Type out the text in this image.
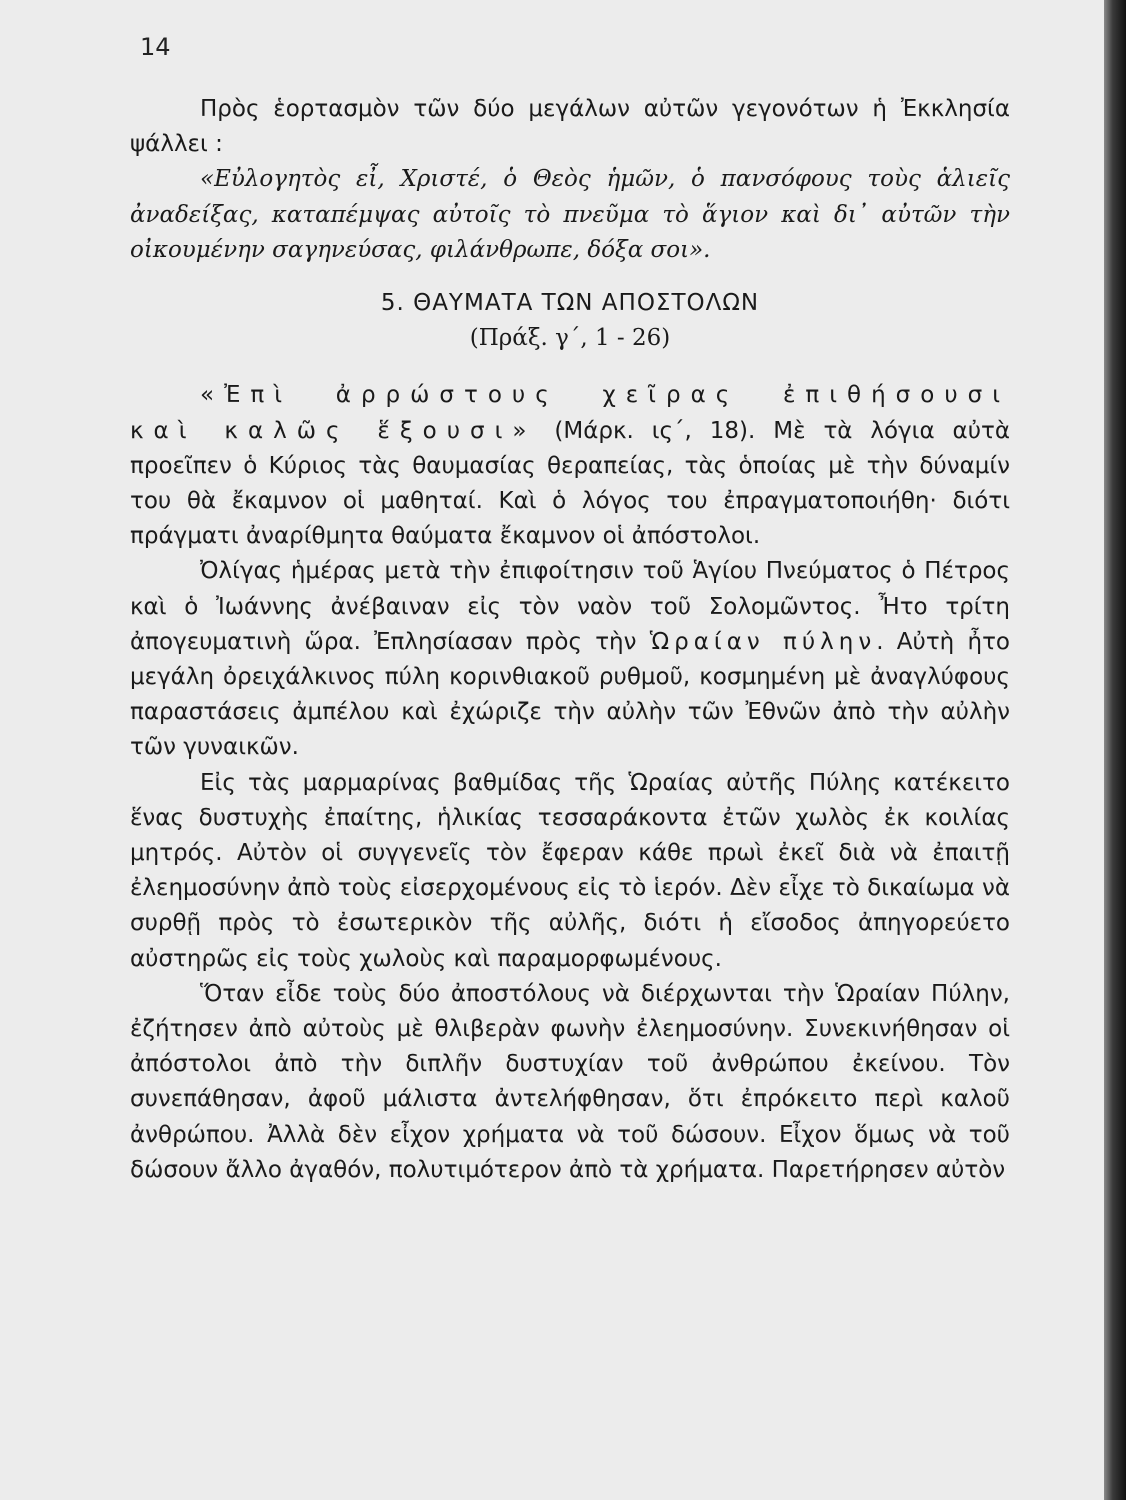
14

Πρὸς ἑορτασμὸν τῶν δύο μεγάλων αὐτῶν γεγονότων ἡ Ἐκκλησία ψάλλει :

«Εὐλογητὸς εἶ, Χριστέ, ὁ Θεὸς ἡμῶν, ὁ πανσόφους τοὺς ἁλιεῖς ἀναδείξας, καταπέμψας αὐτοῖς τὸ πνεῦμα τὸ ἅγιον καὶ δι᾽ αὐτῶν τὴν οἰκουμένην σαγηνεύσας, φιλάνθρωπε, δόξα σοι».

5. ΘΑΥΜΑΤΑ ΤΩΝ ΑΠΟΣΤΟΛΩΝ

(Πράξ. γ΄, 1 - 26)

«Ἐπὶ ἀρρώστους χεῖρας ἐπιθήσουσι καὶ καλῶς ἕξουσι» (Μάρκ. ις΄, 18). Μὲ τὰ λόγια αὐτὰ προεῖπεν ὁ Κύριος τὰς θαυμασίας θεραπείας, τὰς ὁποίας μὲ τὴν δύναμίν του θὰ ἔκαμνον οἱ μαθηταί. Καὶ ὁ λόγος του ἐπραγματοποιήθη· διότι πράγματι ἀναρίθμητα θαύματα ἔκαμνον οἱ ἀπόστολοι.

Ὀλίγας ἡμέρας μετὰ τὴν ἐπιφοίτησιν τοῦ Ἁγίου Πνεύματος ὁ Πέτρος καὶ ὁ Ἰωάννης ἀνέβαιναν εἰς τὸν ναὸν τοῦ Σολομῶντος. Ἦτο τρίτη ἀπογευματινὴ ὥρα. Ἐπλησίασαν πρὸς τὴν Ὡραίαν πύλην. Αὐτὴ ἦτο μεγάλη ὀρειχάλκινος πύλη κορινθιακοῦ ρυθμοῦ, κοσμημένη μὲ ἀναγλύφους παραστάσεις ἀμπέλου καὶ ἐχώριζε τὴν αὐλὴν τῶν Ἐθνῶν ἀπὸ τὴν αὐλὴν τῶν γυναικῶν.

Εἰς τὰς μαρμαρίνας βαθμίδας τῆς Ὡραίας αὐτῆς Πύλης κατέκειτο ἕνας δυστυχὴς ἐπαίτης, ἡλικίας τεσσαράκοντα ἐτῶν χωλὸς ἐκ κοιλίας μητρός. Αὐτὸν οἱ συγγενεῖς τὸν ἔφεραν κάθε πρωὶ ἐκεῖ διὰ νὰ ἐπαιτῇ ἐλεημοσύνην ἀπὸ τοὺς εἰσερχομένους εἰς τὸ ἱερόν. Δὲν εἶχε τὸ δικαίωμα νὰ συρθῇ πρὸς τὸ ἐσωτερικὸν τῆς αὐλῆς, διότι ἡ εἴσοδος ἀπηγορεύετο αὐστηρῶς εἰς τοὺς χωλοὺς καὶ παραμορφωμένους.

Ὅταν εἶδε τοὺς δύο ἀποστόλους νὰ διέρχωνται τὴν Ὡραίαν Πύλην, ἐζήτησεν ἀπὸ αὐτοὺς μὲ θλιβερὰν φωνὴν ἐλεημοσύνην. Συνεκινήθησαν οἱ ἀπόστολοι ἀπὸ τὴν διπλῆν δυστυχίαν τοῦ ἀνθρώπου ἐκείνου. Τὸν συνεπάθησαν, ἀφοῦ μάλιστα ἀντελήφθησαν, ὅτι ἐπρόκειτο περὶ καλοῦ ἀνθρώπου. Ἀλλὰ δὲν εἶχον χρήματα νὰ τοῦ δώσουν. Εἶχον ὅμως νὰ τοῦ δώσουν ἄλλο ἀγαθόν, πολυτιμότερον ἀπὸ τὰ χρήματα. Παρετήρησεν αὐτὸν
